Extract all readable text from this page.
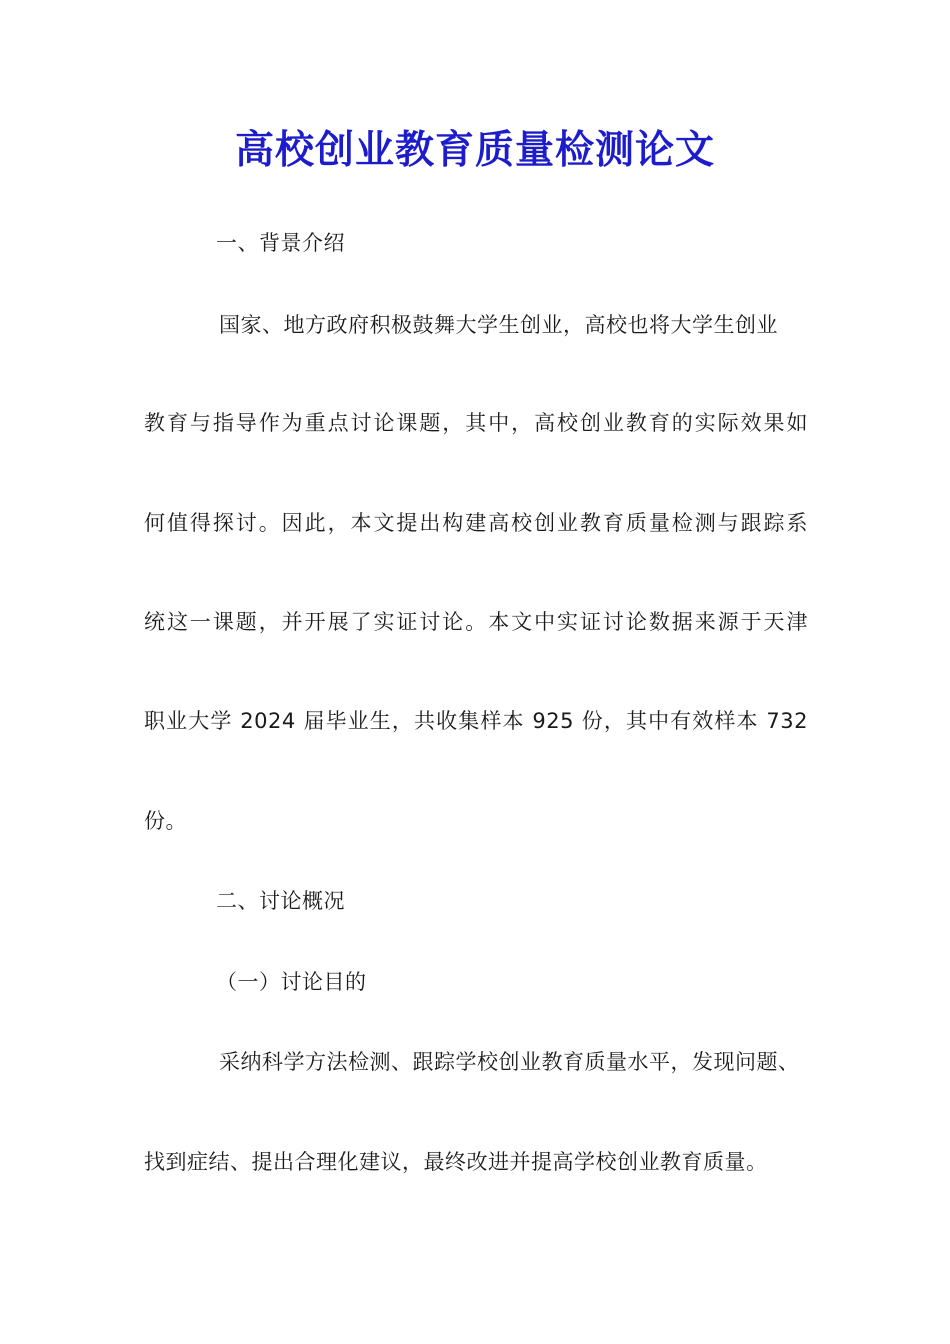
高校创业教育质量检测论文
一、背景介绍
国家、地方政府积极鼓舞大学生创业，高校也将大学生创业
教育与指导作为重点讨论课题，其中，高校创业教育的实际效果如
何值得探讨。因此，本文提出构建高校创业教育质量检测与跟踪系
统这一课题，并开展了实证讨论。本文中实证讨论数据来源于天津
职业大学 2024 届毕业生，共收集样本 925 份，其中有效样本 732
份。
二、讨论概况
（一）讨论目的
采纳科学方法检测、跟踪学校创业教育质量水平，发现问题、
找到症结、提出合理化建议，最终改进并提高学校创业教育质量。
